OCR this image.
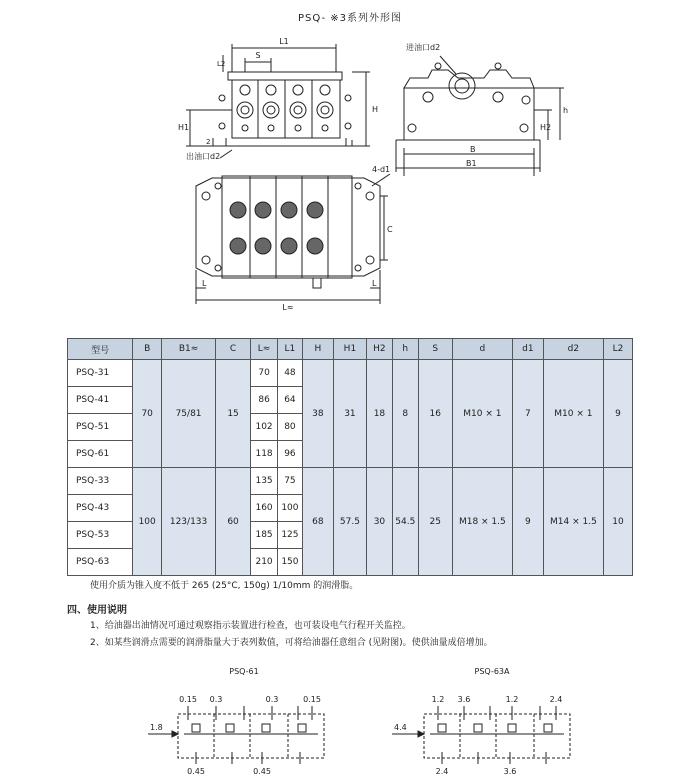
PSQ- ※3系列外形图
L1
S
L2
H
H1
2
出油口d2
进油口d2
B
B1
H2
h
4-d1
C
L	L
L≈
型号	B	B1≈	C	L≈	L1	H	H1	H2	h	S	d	d1	d2	L2
PSQ-31	70	75/81	15	70	48	38	31	18	8	16	M10 × 1	7	M10 × 1	9
PSQ-41				86	64									
PSQ-51				102	80									
PSQ-61				118	96									
PSQ-33	100	123/133	60	135	75	68	57.5	30	54.5	25	M18 × 1.5	9	M14 × 1.5	10
PSQ-43				160	100									
PSQ-53				185	125									
PSQ-63				210	150									
使用介质为锥入度不低于 265 (25°C, 150g) 1/10mm 的润滑脂。
四、使用说明
1、给油器出油情况可通过观察指示装置进行检查，也可装设电气行程开关监控。
2、如某些润滑点需要的润滑脂量大于表列数值，可将给油器任意组合 (见附图)。使供油量成倍增加。
PSQ-61
0.15 0.3	0.3	0.15
1.8
0.45	0.45
PSQ-63A
1.2 3.6	1.2	2.4
4.4
2.4	3.6
